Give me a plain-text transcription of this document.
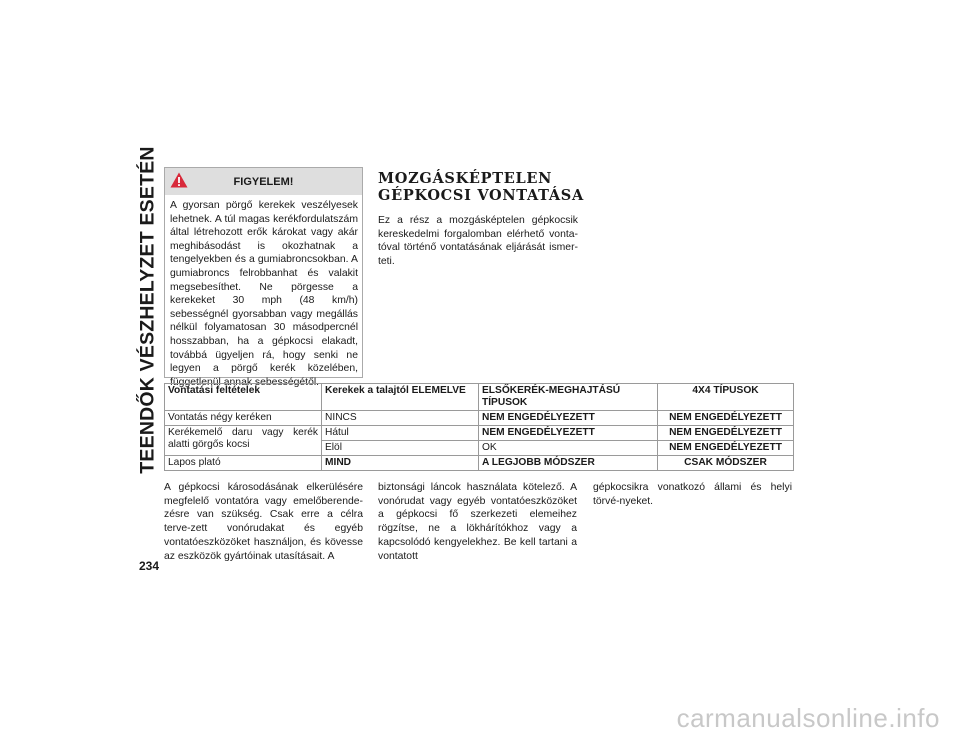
TEENDŐK VÉSZHELYZET ESETÉN	FIGYELEM!
A gyorsan pörgő kerekek veszélyesek lehetnek. A túl magas kerékfordulatszám által létrehozott erők károkat vagy akár meghibásodást is okozhatnak a tengelyekben és a gumiabroncsokban. A gumiabroncs felrobbanhat és valakit megsebesíthet. Ne pörgesse a kerekeket 30 mph (48 km/h) sebességnél gyorsabban vagy megállás nélkül folyamatosan 30 másodpercnél hosszabban, ha a gépkocsi elakadt, továbbá ügyeljen rá, hogy senki ne legyen a pörgő kerék közelében, függetlenül annak sebességétől.
MOZGÁSKÉPTELEN
GÉPKOCSI VONTATÁSA
Ez a rész a mozgásképtelen gépkocsik kereskedelmi forgalomban elérhető vonta-tóval történő vontatásának eljárását ismer-teti.
Vontatási feltételek	Kerekek a talajtól ELEMELVE	ELSŐKERÉK-MEGHAJTÁSÚ TÍPUSOK	4X4 TÍPUSOK
Vontatás négy keréken	NINCS	NEM ENGEDÉLYEZETT	NEM ENGEDÉLYEZETT
Kerékemelő daru vagy kerék alatti görgős kocsi	Hátul	NEM ENGEDÉLYEZETT	NEM ENGEDÉLYEZETT
	Elöl	OK	NEM ENGEDÉLYEZETT
Lapos plató	MIND	A LEGJOBB MÓDSZER	CSAK MÓDSZER
A gépkocsi károsodásának elkerülésére megfelelő vontatóra vagy emelőberende-zésre van szükség. Csak erre a célra terve-zett vonórudakat és egyéb vontatóeszközöket használjon, és kövesse az eszközök gyártóinak utasításait. A
biztonsági láncok használata kötelező. A vonórudat vagy egyéb vontatóeszközöket a gépkocsi fő szerkezeti elemeihez rögzítse, ne a lökhárítókhoz vagy a kapcsolódó kengyelekhez. Be kell tartani a vontatott
gépkocsikra vonatkozó állami és helyi törvé-nyeket.
234
carmanualsonline.info
